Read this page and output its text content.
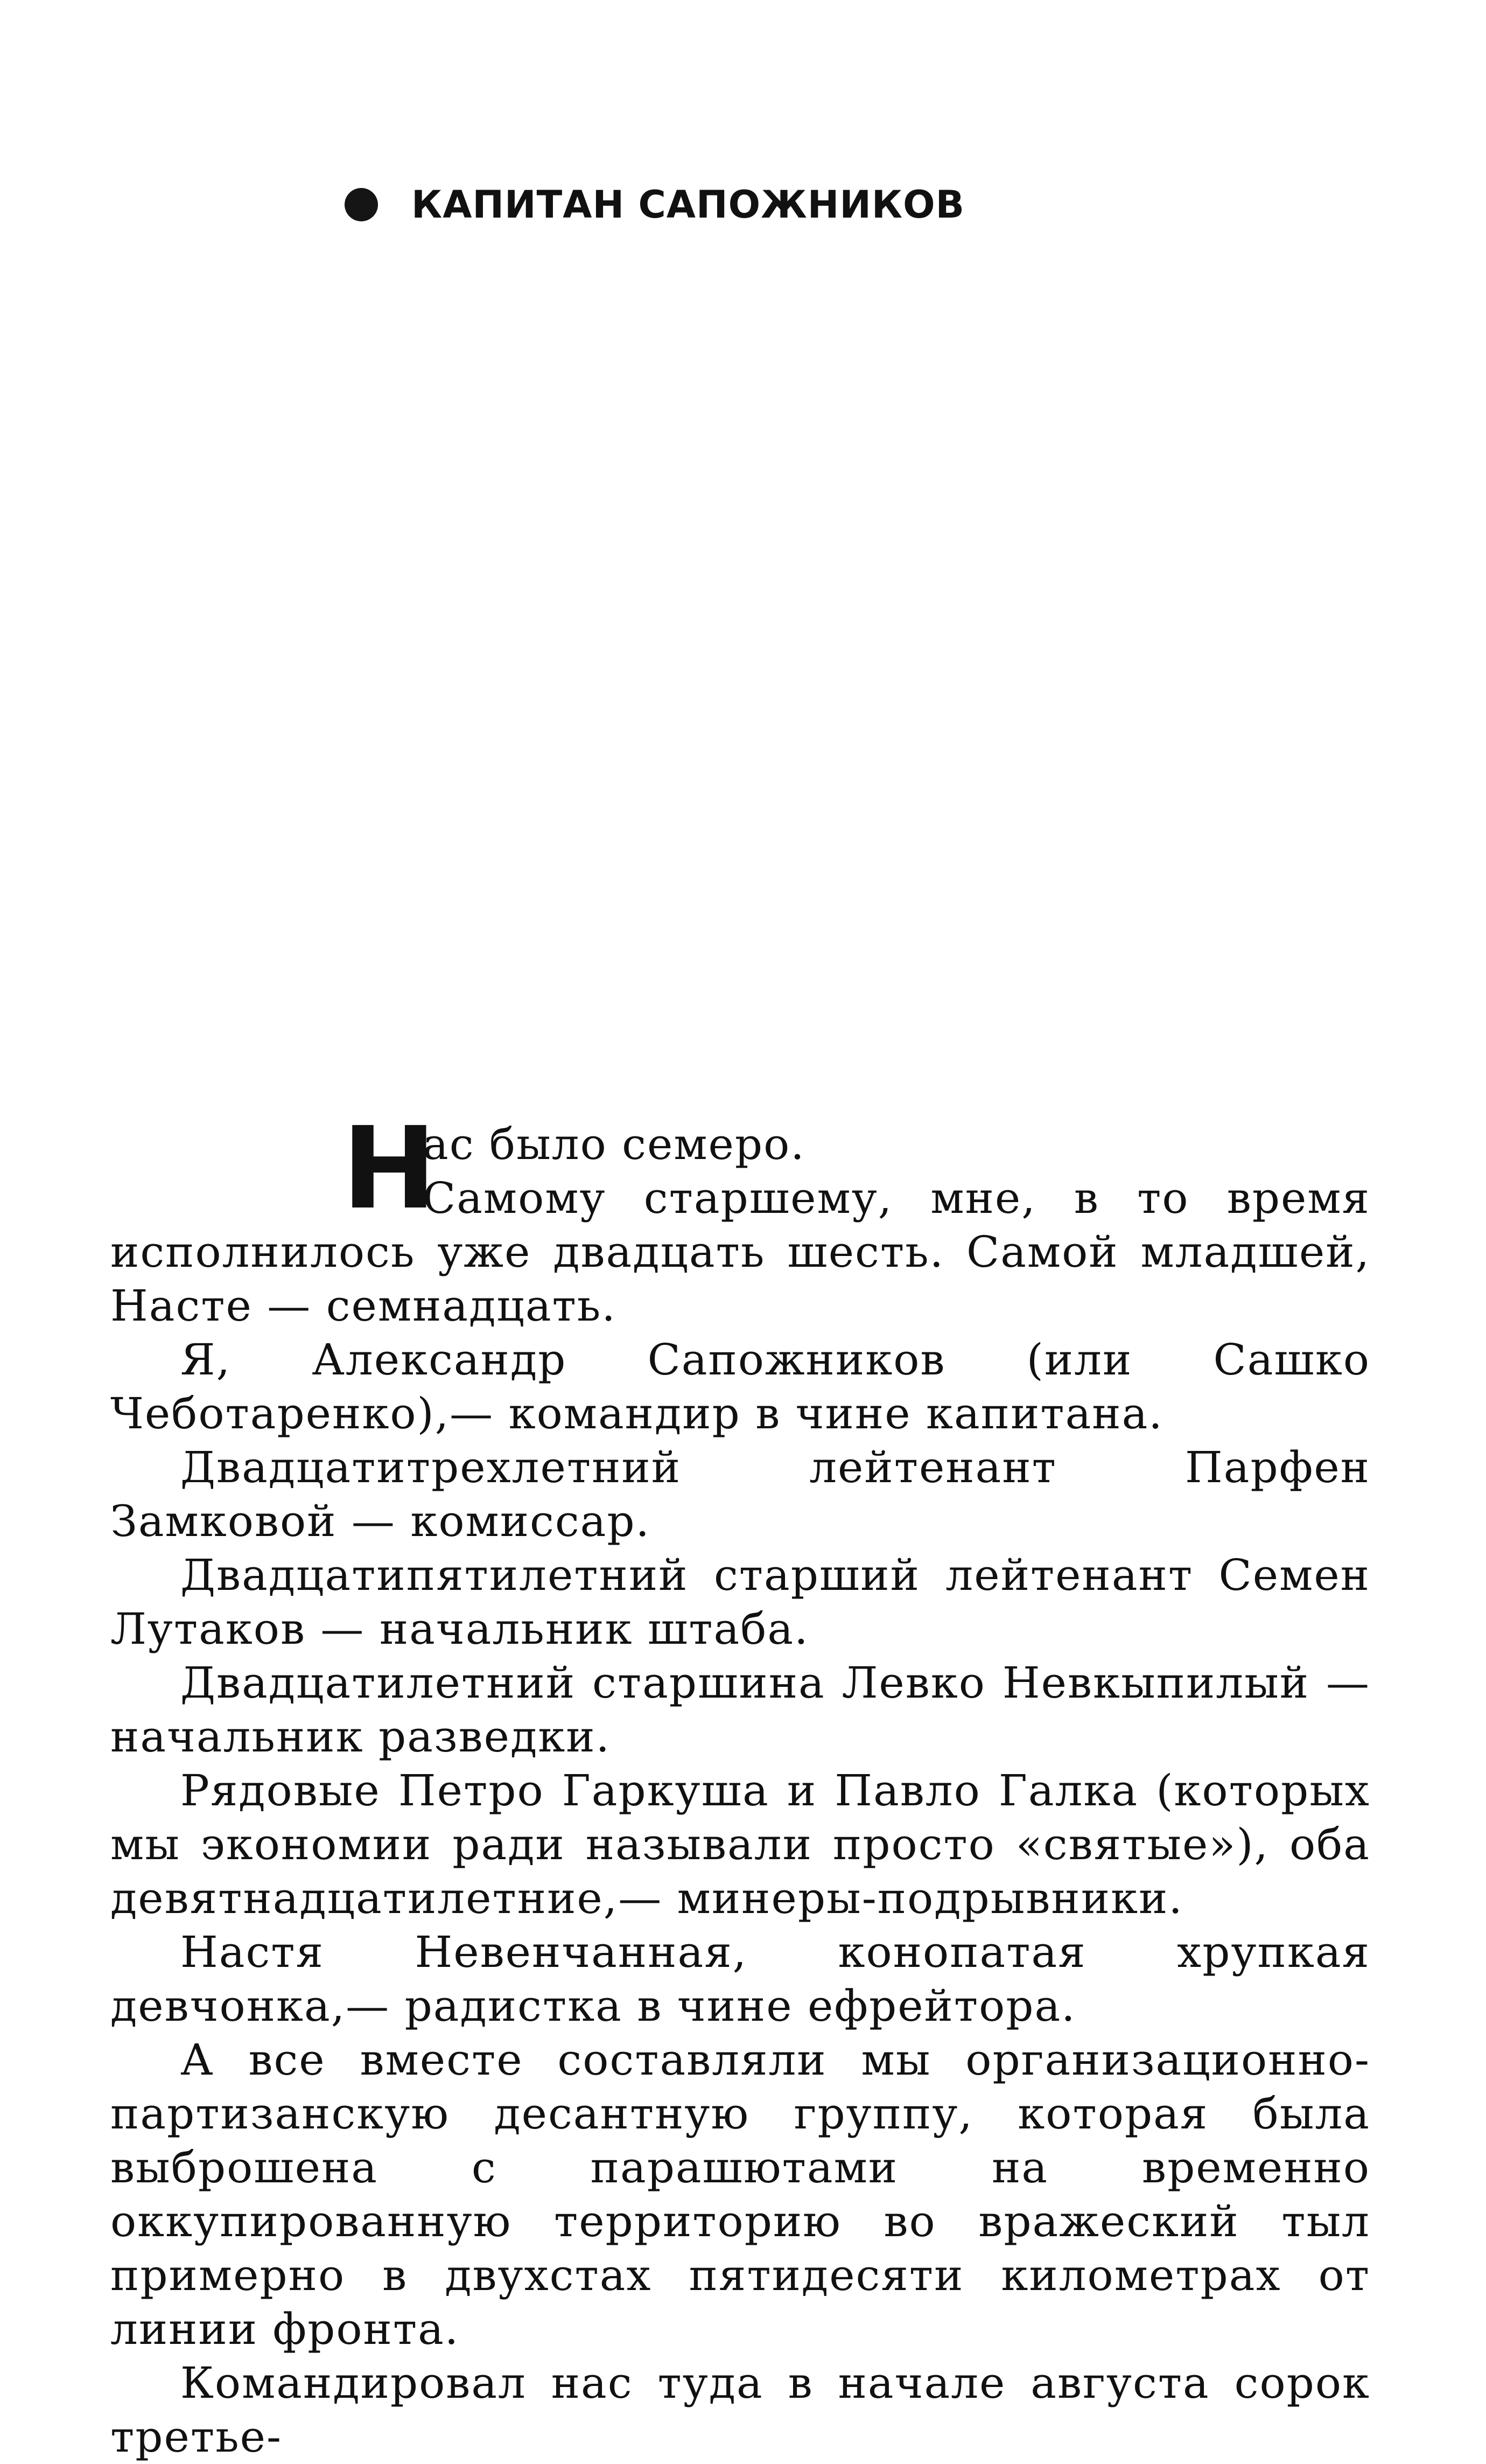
КАПИТАН САПОЖНИКОВ
Н

ас было семеро.

Самому старшему, мне, в то время исполнилось уже двадцать шесть. Самой младшей, Насте — семнадцать.

Я, Александр Сапожников (или Сашко Чеботаренко),— командир в чине капитана.

Двадцатитрехлетний лейтенант Парфен Замковой — комиссар.

Двадцатипятилетний старший лейтенант Семен Лутаков — начальник штаба.

Двадцатилетний старшина Левко Невкыпилый — начальник разведки.

Рядовые Петро Гаркуша и Павло Галка (которых мы экономии ради называли просто «святые»), оба девятнадцатилетние,— минеры-подрывники.

Настя Невенчанная, конопатая хрупкая девчонка,— радистка в чине ефрейтора.

А все вместе составляли мы организационно-партизанскую десантную группу, которая была выброшена с парашютами на временно оккупированную территорию во вражеский тыл примерно в двухстах пятидесяти километрах от линии фронта.

Командировал нас туда в начале августа сорок третье-
